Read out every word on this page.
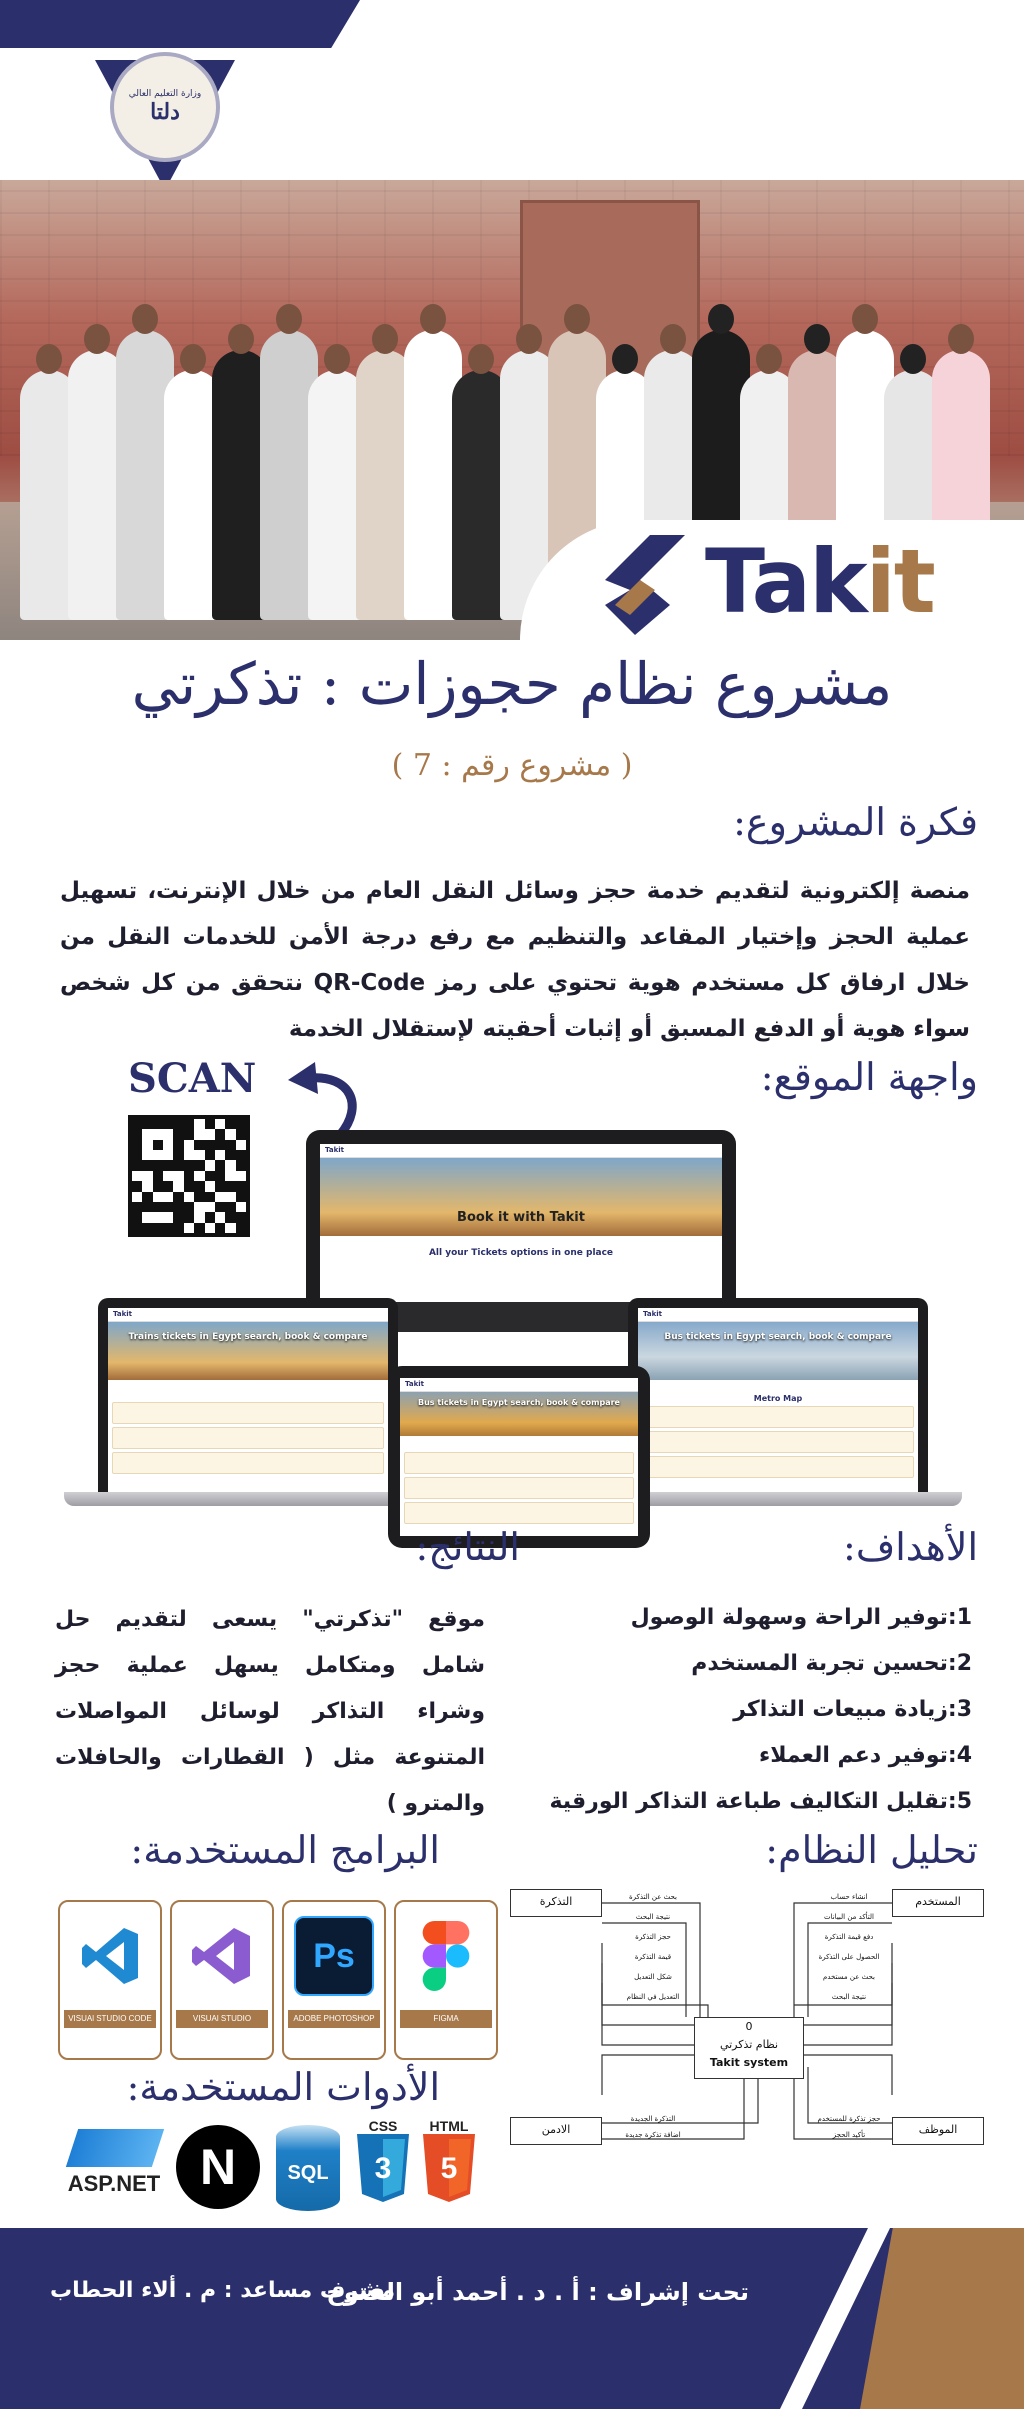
وزارة التعليم العالي
دلتا
Takit
مشروع نظام حجوزات : تذكرتي
( مشروع رقم : 7 )
فكرة المشروع:

منصة إلكترونية لتقديم خدمة حجز وسائل النقل العام من خلال الإنترنت، تسهيل عملية الحجز وإختيار المقاعد والتنظيم مع رفع درجة الأمن للخدمات النقل من خلال ارفاق كل مستخدم هوية تحتوي على رمز QR-Code نتحقق من كل شخص سواء هوية أو الدفع المسبق أو إثبات أحقيته لإستقلال الخدمة

واجهة الموقع:
SCAN
Takit
Book it with Takit
All your Tickets options in one place
Takit
Trains tickets in Egypt search, book & compare
Takit
Bus tickets in Egypt search, book & compare
Metro Map
Takit
Bus tickets in Egypt search, book & compare
الأهداف:
النتائج:
1:توفير الراحة وسهولة الوصول
2:تحسين تجربة المستخدم
3:زيادة مبيعات التذاكر
4:توفير دعم العملاء
5:تقليل التكاليف طباعة التذاكر الورقية

موقع "تذكرتي" يسعى لتقديم حل شامل ومتكامل يسهل عملية حجز وشراء التذاكر لوسائل المواصلات المتنوعة مثل ( القطارات والحافلات والمترو )

تحليل النظام:
التذكرة	المستخدم
الادمن	الموظف
0
نظام تذكرتي
Takit system
بحث عن التذكرة
نتيجة البحث
حجز التذكرة
قيمة التذكرة
شكل التعديل
التعديل في النظام
انشاء حساب
التأكد من البيانات
دفع قيمة التذكرة
الحصول على التذكرة
بحث عن مستخدم
نتيجة البحث
التذكرة الجديدة
اضافة تذكرة جديدة
حجز تذكرة للمستخدم
تأكيد الحجز
البرامج المستخدمة:
VISUAl STUDIO CODE	VISUAl STUDIO
Ps
ADOBE PHOTOSHOP	FIGMA
الأدوات المستخدمة:
ASP.NET N	SQL
CSS
3
HTML
5
تحت إشراف : أ . د . أحمد أبو الفتوح
مشرف مساعد : م . ألاء الحطاب
